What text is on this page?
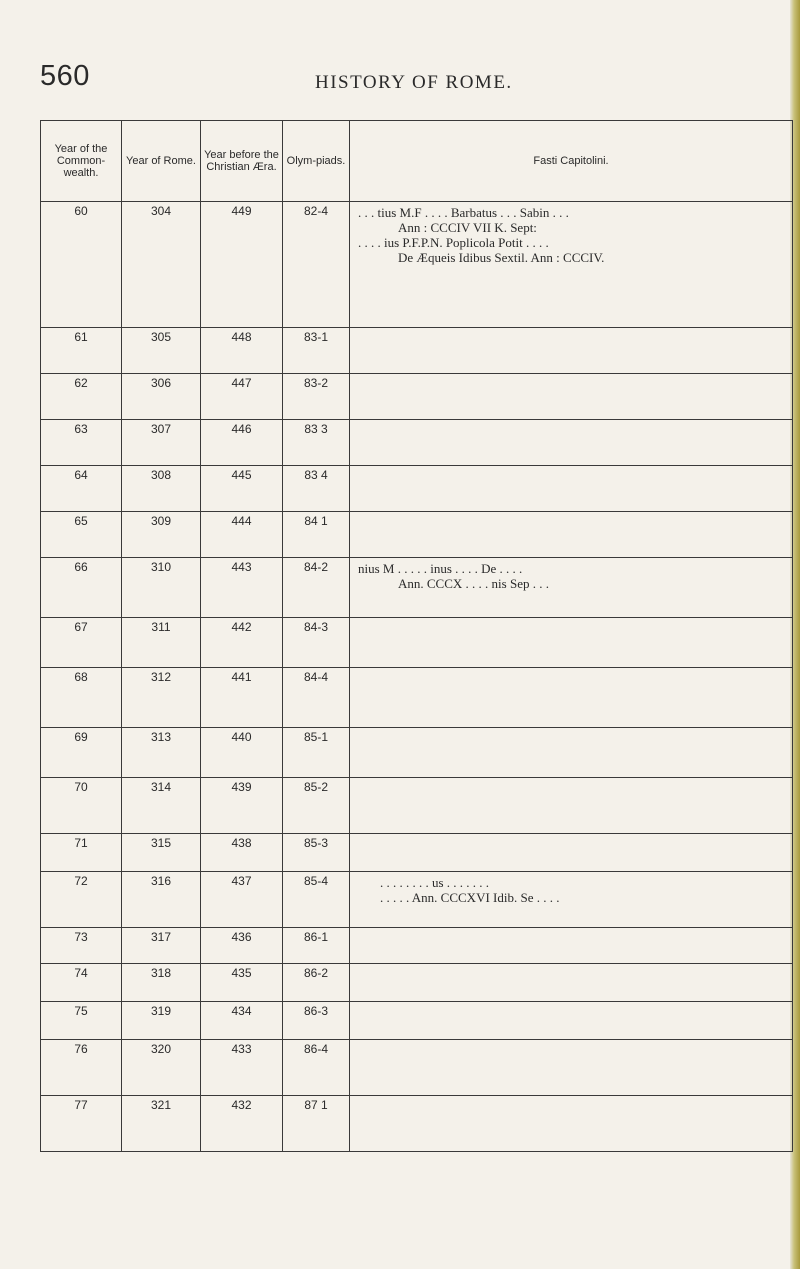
560	HISTORY OF ROME.
Year of the Common-wealth.	Year of Rome.	Year before the Christian Æra.	Olym-piads.	Fasti Capitolini.
60	304	449	82-4	. . . tius M.F . . . . Barbatus . . . Sabin . . .
Ann : CCCIV VII K. Sept:
. . . . ius P.F.P.N. Poplicola Potit . . . .
De Æqueis Idibus Sextil. Ann : CCCIV.

61	305	448	83-1	
62	306	447	83-2	
63	307	446	83 3	
64	308	445	83 4	
65	309	444	84 1	
66	310	443	84-2	nius M . . . . . inus . . . . De . . . .
Ann. CCCX . . . . nis Sep . . .

67	311	442	84-3	
68	312	441	84-4	
69	313	440	85-1	
70	314	439	85-2	
71	315	438	85-3	
72	316	437	85-4	. . . . . . . . us . . . . . . .
. . . . . Ann. CCCXVI Idib. Se . . . .

73	317	436	86-1	
74	318	435	86-2	
75	319	434	86-3	
76	320	433	86-4	
77	321	432	87 1	
